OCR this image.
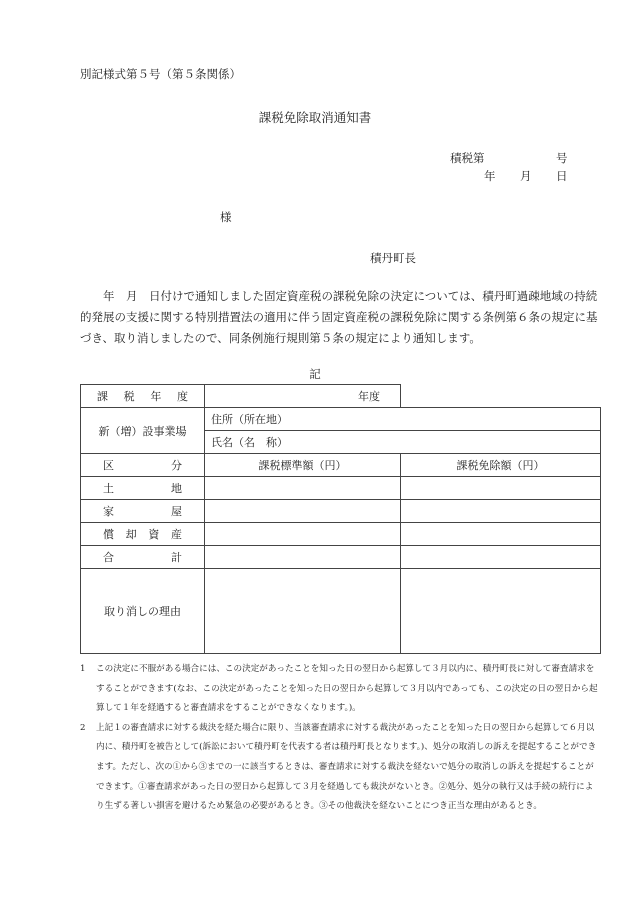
別記様式第５号（第５条関係）
課税免除取消通知書
積税第	号
年 月 日
様
積丹町長

　　年　月　日付けで通知しました固定資産税の課税免除の決定については、積丹町過疎地域の持続的発展の支援に関する特別措置法の適用に伴う固定資産税の課税免除に関する条例第６条の規定に基づき、取り消しましたので、同条例施行規則第５条の規定により通知します。

記
課 税 年 度	年度	
新（増）設事業場	住所（所在地）	
	氏名（名　称）	

区 分	課税標準額（円）	課税免除額（円）

土 地		

家 屋		

償 却 資 産		

合 計		

取り消しの理由		
1 この決定に不服がある場合には、この決定があったことを知った日の翌日から起算して３月以内に、積丹町長に対して審査請求をすることができます(なお、この決定があったことを知った日の翌日から起算して３月以内であっても、この決定の日の翌日から起算して１年を経過すると審査請求をすることができなくなります。)。
2 上記１の審査請求に対する裁決を経た場合に限り、当該審査請求に対する裁決があったことを知った日の翌日から起算して６月以内に、積丹町を被告として(訴訟において積丹町を代表する者は積丹町長となります。)、処分の取消しの訴えを提起することができます。ただし、次の①から③までの一に該当するときは、審査請求に対する裁決を経ないで処分の取消しの訴えを提起することができます。①審査請求があった日の翌日から起算して３月を経過しても裁決がないとき。②処分、処分の執行又は手続の続行により生ずる著しい損害を避けるため緊急の必要があるとき。③その他裁決を経ないことにつき正当な理由があるとき。
